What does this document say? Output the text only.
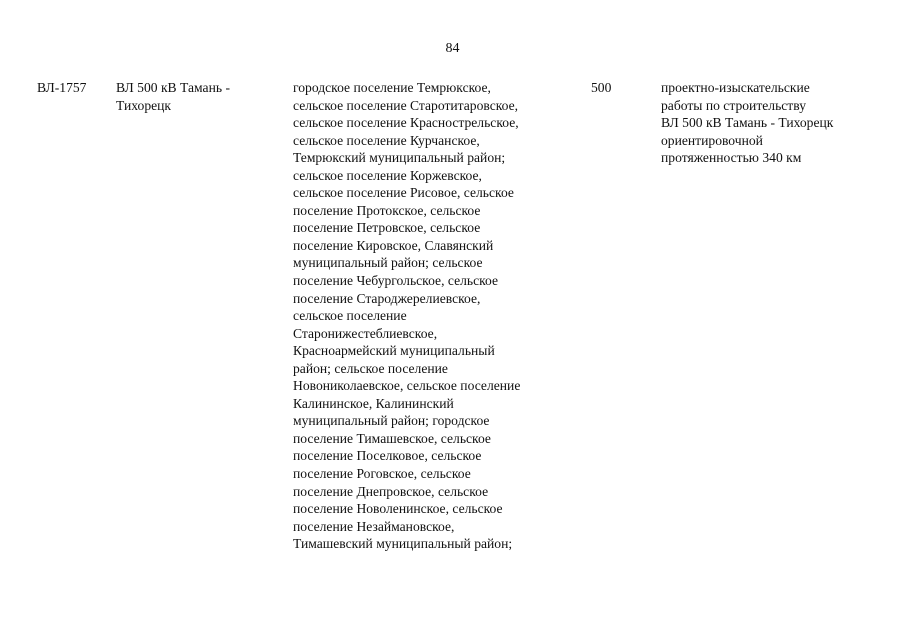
84
ВЛ-1757	ВЛ 500 кВ Тамань -
Тихорецк
городское поселение Темрюкское,
сельское поселение Старотитаровское,
сельское поселение Краснострельское,
сельское поселение Курчанское,
Темрюкский муниципальный район;
сельское поселение Коржевское,
сельское поселение Рисовое, сельское
поселение Протокское, сельское
поселение Петровское, сельское
поселение Кировское, Славянский
муниципальный район; сельское
поселение Чебургольское, сельское
поселение Староджерелиевское,
сельское поселение
Старонижестеблиевское,
Красноармейский муниципальный
район; сельское поселение
Новониколаевское, сельское поселение
Калининское, Калининский
муниципальный район; городское
поселение Тимашевское, сельское
поселение Поселковое, сельское
поселение Роговское, сельское
поселение Днепровское, сельское
поселение Новоленинское, сельское
поселение Незаймановское,
Тимашевский муниципальный район;
500	проектно-изыскательские
работы по строительству
ВЛ 500 кВ Тамань - Тихорецк
ориентировочной
протяженностью 340 км
